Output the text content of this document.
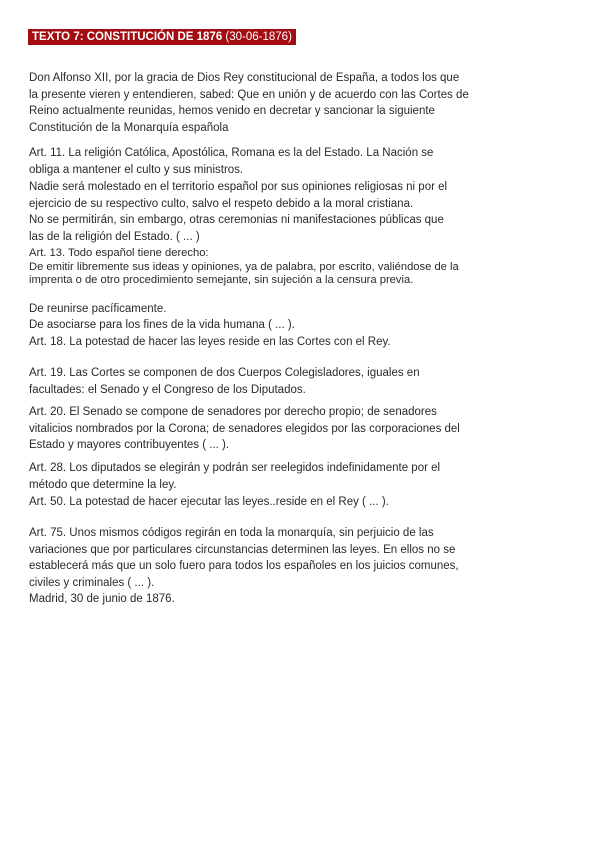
TEXTO 7: CONSTITUCIÓN DE 1876 (30-06-1876)

Don Alfonso XII, por la gracia de Dios Rey constitucional de España, a todos los que la presente vieren y entendieren, sabed: Que en unión y de acuerdo con las Cortes de Reino actualmente reunidas, hemos venido en decretar y sancionar la siguiente Constitución de la Monarquía española

Art. 11. La religión Católica, Apostólica, Romana es la del Estado. La Nación se obliga a mantener el culto y sus ministros.

Nadie será molestado en el territorio español por sus opiniones religiosas ni por el ejercicio de su respectivo culto, salvo el respeto debido a la moral cristiana.

No se permitirán, sin embargo, otras ceremonias ni manifestaciones públicas que las de la religión del Estado. ( ... )

Art. 13. Todo español tiene derecho:

De emitir libremente sus ideas y opiniones, ya de palabra, por escrito, valiéndose de la imprenta o de otro procedimiento semejante, sin sujeción a la censura previa.

De reunirse pacíficamente.

De asociarse para los fines de la vida humana ( ... ).

Art. 18. La potestad de hacer las leyes reside en las Cortes con el Rey.

Art. 19. Las Cortes se componen de dos Cuerpos Colegisladores, iguales en facultades: el Senado y el Congreso de los Diputados.

Art. 20. El Senado se compone de senadores por derecho propio; de senadores vitalicios nombrados por la Corona; de senadores elegidos por las corporaciones del Estado y mayores contribuyentes ( ... ).

Art. 28. Los diputados se elegirán y podrán ser reelegidos indefinidamente por el método que determine la ley.

Art. 50. La potestad de hacer ejecutar las leyes..reside en el Rey ( ... ).

Art. 75. Unos mismos códigos regirán en toda la monarquía, sin perjuicio de las variaciones que por particulares circunstancias determinen las leyes. En ellos no se establecerá más que un solo fuero para todos los españoles en los juicios comunes, civiles y criminales ( ... ).

Madrid, 30 de junio de 1876.
